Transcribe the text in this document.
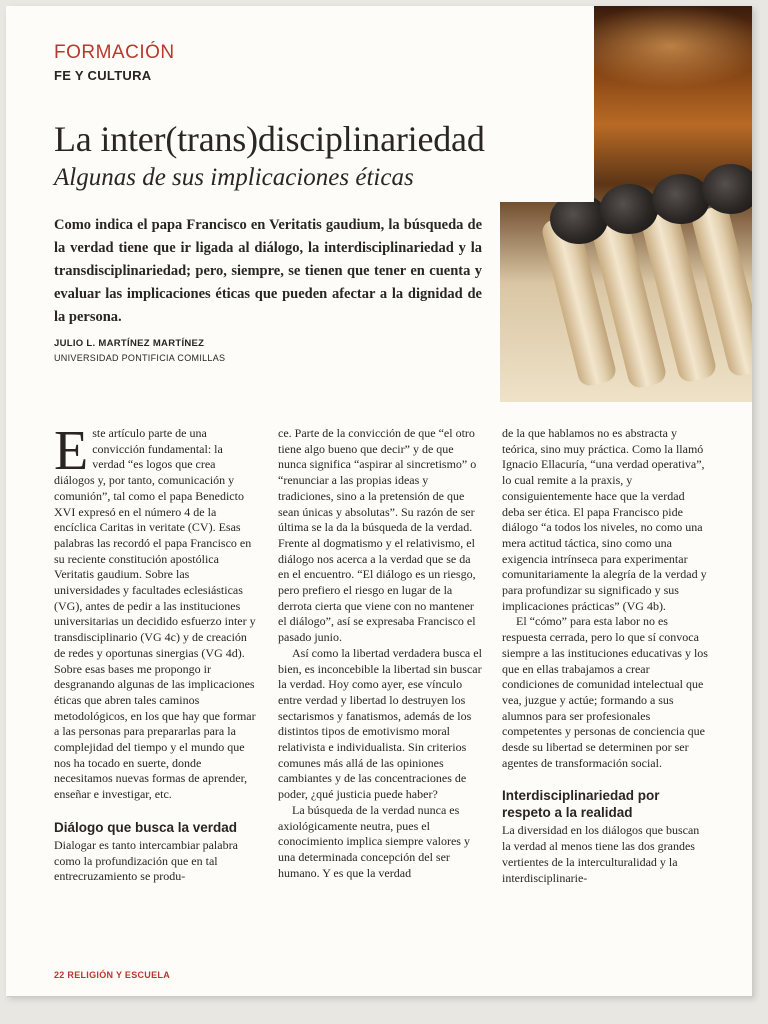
FORMACIÓN
FE Y CULTURA
La inter(trans)disciplinariedad
Algunas de sus implicaciones éticas

Como indica el papa Francisco en Veritatis gaudium, la búsqueda de la verdad tiene que ir ligada al diálogo, la interdisciplinariedad y la transdisciplinariedad; pero, siempre, se tienen que tener en cuenta y evaluar las implicaciones éticas que pueden afectar a la dignidad de la persona.

JULIO L. MARTÍNEZ MARTÍNEZ
UNIVERSIDAD PONTIFICIA COMILLAS

Este artículo parte de una convicción fundamental: la verdad “es logos que crea diálogos y, por tanto, comunicación y comunión”, tal como el papa Benedicto XVI expresó en el número 4 de la encíclica Caritas in veritate (CV). Esas palabras las recordó el papa Francisco en su reciente constitución apostólica Veritatis gaudium. Sobre las universidades y facultades eclesiásticas (VG), antes de pedir a las instituciones universitarias un decidido esfuerzo inter y transdisciplinario (VG 4c) y de creación de redes y oportunas sinergias (VG 4d). Sobre esas bases me propongo ir desgranando algunas de las implicaciones éticas que abren tales caminos metodológicos, en los que hay que formar a las personas para prepararlas para la complejidad del tiempo y el mundo que nos ha tocado en suerte, donde necesitamos nuevas formas de aprender, enseñar e investigar, etc.

Diálogo que busca la verdad

Dialogar es tanto intercambiar palabra como la profundización que en tal entrecruzamiento se produ-

ce. Parte de la convicción de que “el otro tiene algo bueno que decir” y de que nunca significa “aspirar al sincretismo” o “renunciar a las propias ideas y tradiciones, sino a la pretensión de que sean únicas y absolutas”. Su razón de ser última se la da la búsqueda de la verdad. Frente al dogmatismo y el relativismo, el diálogo nos acerca a la verdad que se da en el encuentro. “El diálogo es un riesgo, pero prefiero el riesgo en lugar de la derrota cierta que viene con no mantener el diálogo”, así se expresaba Francisco el pasado junio.

Así como la libertad verdadera busca el bien, es inconcebible la libertad sin buscar la verdad. Hoy como ayer, ese vínculo entre verdad y libertad lo destruyen los sectarismos y fanatismos, además de los distintos tipos de emotivismo moral relativista e individualista. Sin criterios comunes más allá de las opiniones cambiantes y de las concentraciones de poder, ¿qué justicia puede haber?

La búsqueda de la verdad nunca es axiológicamente neutra, pues el conocimiento implica siempre valores y una determinada concepción del ser humano. Y es que la verdad

de la que hablamos no es abstracta y teórica, sino muy práctica. Como la llamó Ignacio Ellacuría, “una verdad operativa”, lo cual remite a la praxis, y consiguientemente hace que la verdad deba ser ética. El papa Francisco pide diálogo “a todos los niveles, no como una mera actitud táctica, sino como una exigencia intrínseca para experimentar comunitariamente la alegría de la verdad y para profundizar su significado y sus implicaciones prácticas” (VG 4b).

El “cómo” para esta labor no es respuesta cerrada, pero lo que sí convoca siempre a las instituciones educativas y los que en ellas trabajamos a crear condiciones de comunidad intelectual que vea, juzgue y actúe; formando a sus alumnos para ser profesionales competentes y personas de conciencia que desde su libertad se determinen por ser agentes de transformación social.

Interdisciplinariedad por respeto a la realidad

La diversidad en los diálogos que buscan la verdad al menos tiene las dos grandes vertientes de la interculturalidad y la interdisciplinarie-

22 RELIGIÓN Y ESCUELA
